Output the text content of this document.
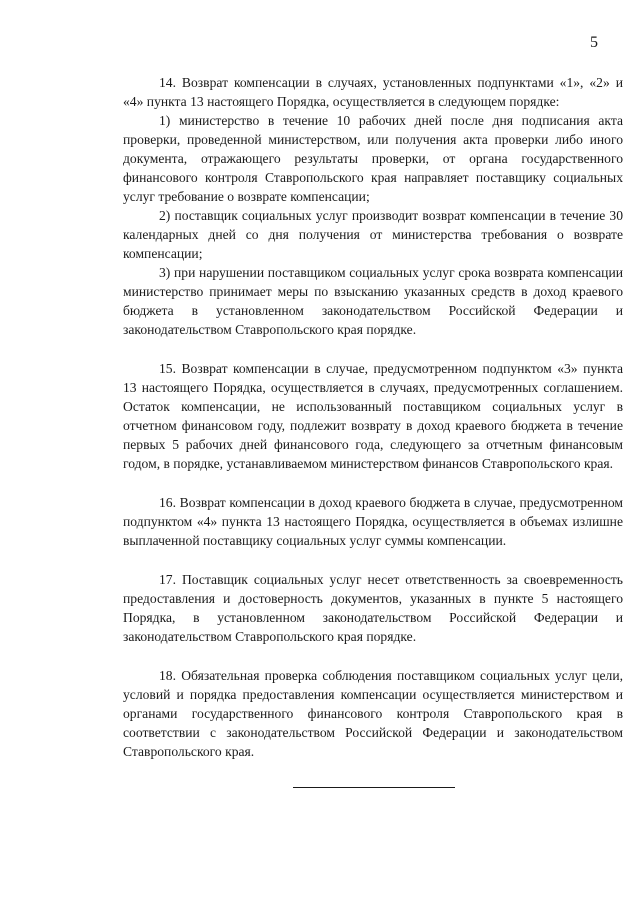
5

14. Возврат компенсации в случаях, установленных подпунктами «1», «2» и «4» пункта 13 настоящего Порядка, осуществляется в следующем порядке:

1) министерство в течение 10 рабочих дней после дня подписания акта проверки, проведенной министерством, или получения акта проверки либо иного документа, отражающего результаты проверки, от органа государственного финансового контроля Ставропольского края направляет поставщику социальных услуг требование о возврате компенсации;

2) поставщик социальных услуг производит возврат компенсации в течение 30 календарных дней со дня получения от министерства требования о возврате компенсации;

3) при нарушении поставщиком социальных услуг срока возврата компенсации министерство принимает меры по взысканию указанных средств в доход краевого бюджета в установленном законодательством Российской Федерации и законодательством Ставропольского края порядке.

15. Возврат компенсации в случае, предусмотренном подпунктом «3» пункта 13 настоящего Порядка, осуществляется в случаях, предусмотренных соглашением. Остаток компенсации, не использованный поставщиком социальных услуг в отчетном финансовом году, подлежит возврату в доход краевого бюджета в течение первых 5 рабочих дней финансового года, следующего за отчетным финансовым годом, в порядке, устанавливаемом министерством финансов Ставропольского края.

16. Возврат компенсации в доход краевого бюджета в случае, предусмотренном подпунктом «4» пункта 13 настоящего Порядка, осуществляется в объемах излишне выплаченной поставщику социальных услуг суммы компенсации.

17. Поставщик социальных услуг несет ответственность за своевременность предоставления и достоверность документов, указанных в пункте 5 настоящего Порядка, в установленном законодательством Российской Федерации и законодательством Ставропольского края порядке.

18. Обязательная проверка соблюдения поставщиком социальных услуг цели, условий и порядка предоставления компенсации осуществляется министерством и органами государственного финансового контроля Ставропольского края в соответствии с законодательством Российской Федерации и законодательством Ставропольского края.
